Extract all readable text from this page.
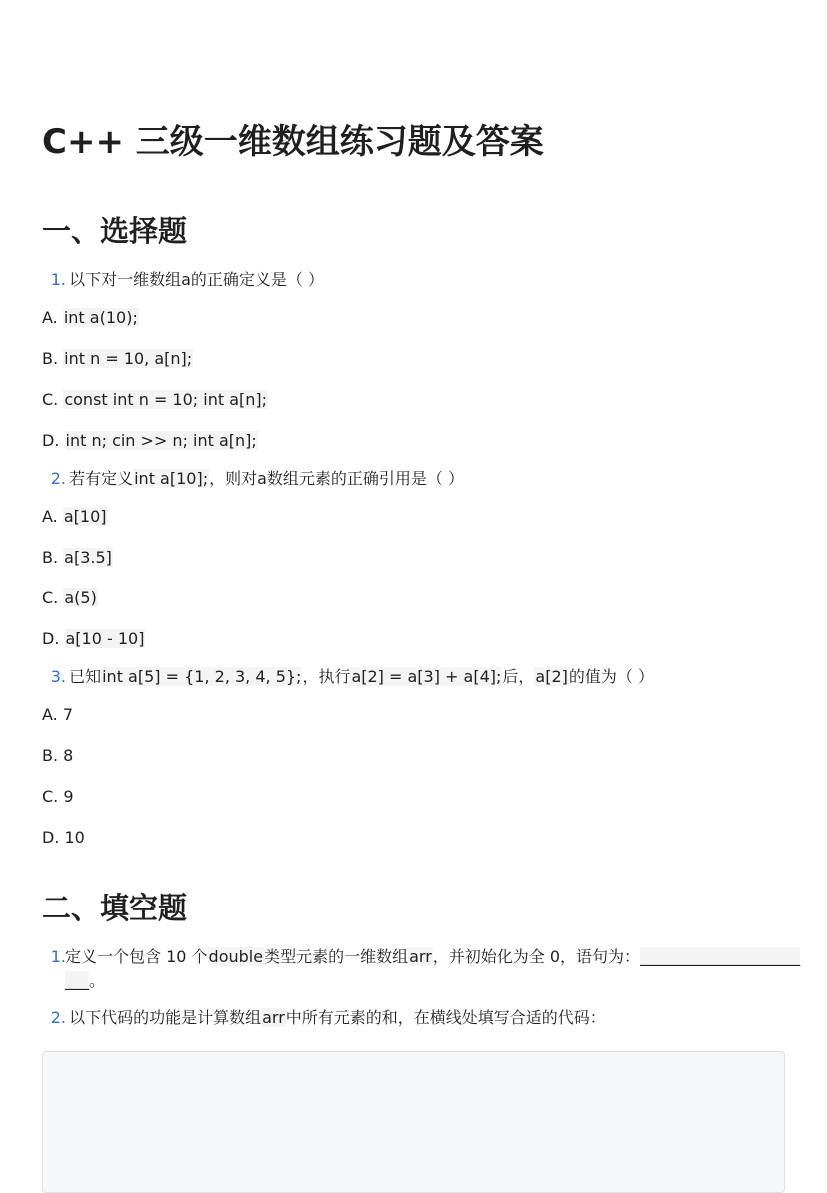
C++ 三级一维数组练习题及答案
一、选择题
1. 以下对一维数组a的正确定义是（ ）
A. int a(10);
B. int n = 10, a[n];
C. const int n = 10; int a[n];
D. int n; cin >> n; int a[n];
2. 若有定义int a[10];，则对a数组元素的正确引用是（ ）
A. a[10]
B. a[3.5]
C. a(5)
D. a[10 - 10]
3. 已知int a[5] = {1, 2, 3, 4, 5};，执行a[2] = a[3] + a[4];后，a[2]的值为（ ）
A. 7
B. 8
C. 9
D. 10
二、填空题
1. 定义一个包含 10 个double类型元素的一维数组arr，并初始化为全 0，语句为：____________________
___。
2. 以下代码的功能是计算数组arr中所有元素的和，在横线处填写合适的代码：
